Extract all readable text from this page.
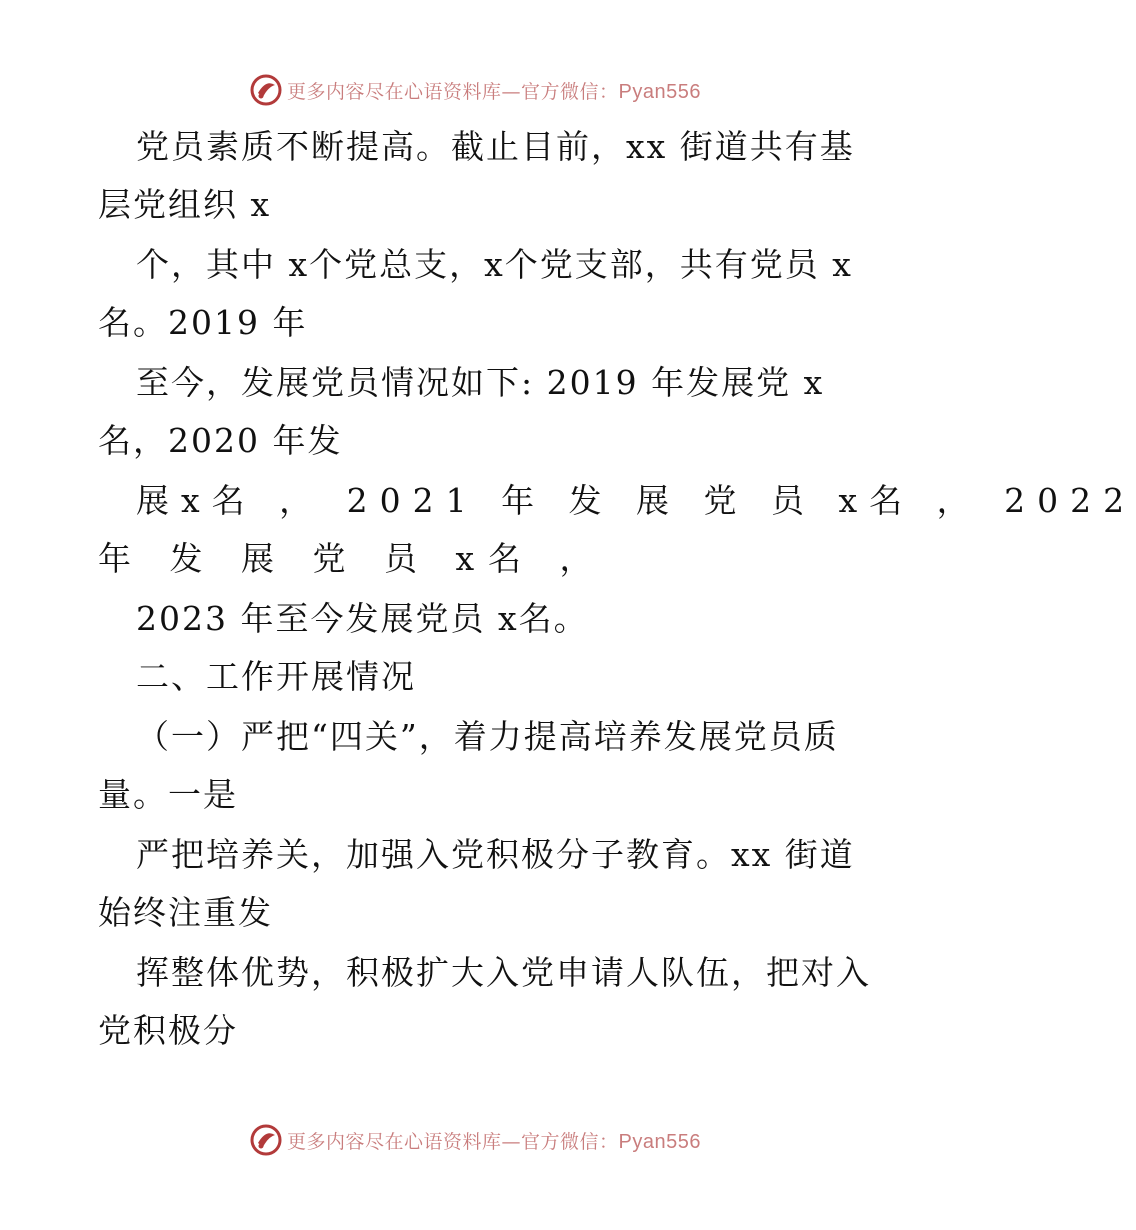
更多内容尽在心语资料库—官方微信：Pyan556
党员素质不断提高。截止目前，xx 街道共有基
层党组织 x
个，其中 x个党总支，x个党支部，共有党员 x
名。2019 年
至今，发展党员情况如下: 2019 年发展党 x
名，2020 年发
展x名 ， 2021 年 发 展 党 员 x名 ， 2022
年 发 展 党 员 x名 ，
2023 年至今发展党员 x名。
二、工作开展情况
（一）严把“四关”，着力提高培养发展党员质
量。一是
严把培养关，加强入党积极分子教育。xx 街道
始终注重发
挥整体优势，积极扩大入党申请人队伍，把对入
党积极分
更多内容尽在心语资料库—官方微信：Pyan556
